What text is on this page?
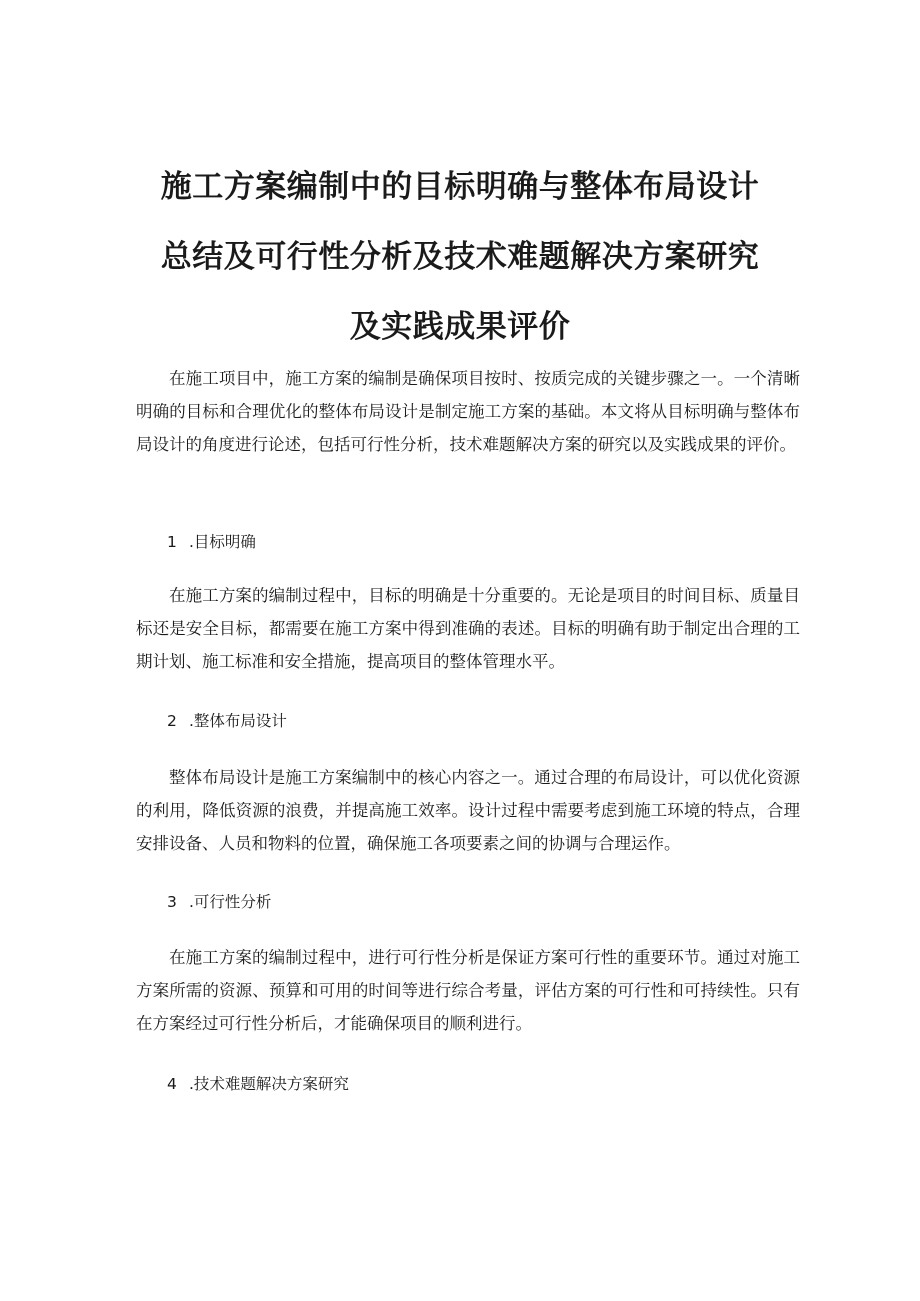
施工方案编制中的目标明确与整体布局设计
总结及可行性分析及技术难题解决方案研究
及实践成果评价

在施工项目中，施工方案的编制是确保项目按时、按质完成的关键步骤之一。一个清晰明确的目标和合理优化的整体布局设计是制定施工方案的基础。本文将从目标明确与整体布局设计的角度进行论述，包括可行性分析，技术难题解决方案的研究以及实践成果的评价。

1 .目标明确

在施工方案的编制过程中，目标的明确是十分重要的。无论是项目的时间目标、质量目标还是安全目标，都需要在施工方案中得到准确的表述。目标的明确有助于制定出合理的工期计划、施工标准和安全措施，提高项目的整体管理水平。

2 .整体布局设计

整体布局设计是施工方案编制中的核心内容之一。通过合理的布局设计，可以优化资源的利用，降低资源的浪费，并提高施工效率。设计过程中需要考虑到施工环境的特点，合理安排设备、人员和物料的位置，确保施工各项要素之间的协调与合理运作。

3 .可行性分析

在施工方案的编制过程中，进行可行性分析是保证方案可行性的重要环节。通过对施工方案所需的资源、预算和可用的时间等进行综合考量，评估方案的可行性和可持续性。只有在方案经过可行性分析后，才能确保项目的顺利进行。

4 .技术难题解决方案研究
